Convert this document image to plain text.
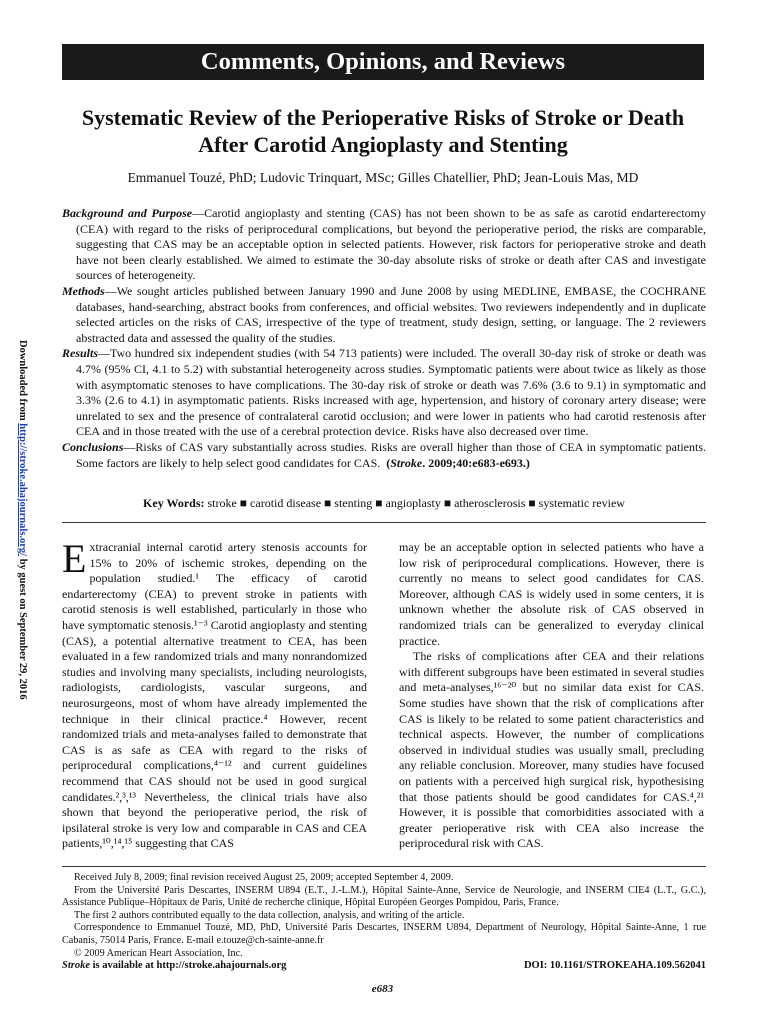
Comments, Opinions, and Reviews
Downloaded from http://stroke.ahajournals.org/ by guest on September 29, 2016
Systematic Review of the Perioperative Risks of Stroke or Death After Carotid Angioplasty and Stenting
Emmanuel Touzé, PhD; Ludovic Trinquart, MSc; Gilles Chatellier, PhD; Jean-Louis Mas, MD

Background and Purpose—Carotid angioplasty and stenting (CAS) has not been shown to be as safe as carotid endarterectomy (CEA) with regard to the risks of periprocedural complications, but beyond the perioperative period, the risks are comparable, suggesting that CAS may be an acceptable option in selected patients. However, risk factors for perioperative stroke and death have not been clearly established. We aimed to estimate the 30-day absolute risks of stroke or death after CAS and investigate sources of heterogeneity.

Methods—We sought articles published between January 1990 and June 2008 by using MEDLINE, EMBASE, the COCHRANE databases, hand-searching, abstract books from conferences, and official websites. Two reviewers independently and in duplicate selected articles on the risks of CAS, irrespective of the type of treatment, study design, setting, or language. The 2 reviewers abstracted data and assessed the quality of the studies.

Results—Two hundred six independent studies (with 54 713 patients) were included. The overall 30-day risk of stroke or death was 4.7% (95% CI, 4.1 to 5.2) with substantial heterogeneity across studies. Symptomatic patients were about twice as likely as those with asymptomatic stenoses to have complications. The 30-day risk of stroke or death was 7.6% (3.6 to 9.1) in symptomatic and 3.3% (2.6 to 4.1) in asymptomatic patients. Risks increased with age, hypertension, and history of coronary artery disease; were unrelated to sex and the presence of contralateral carotid occlusion; and were lower in patients who had carotid restenosis after CEA and in those treated with the use of a cerebral protection device. Risks have also decreased over time.

Conclusions—Risks of CAS vary substantially across studies. Risks are overall higher than those of CEA in symptomatic patients. Some factors are likely to help select good candidates for CAS. (Stroke. 2009;40:e683-e693.)

Key Words: stroke ■ carotid disease ■ stenting ■ angioplasty ■ atherosclerosis ■ systematic review

Extracranial internal carotid artery stenosis accounts for 15% to 20% of ischemic strokes, depending on the population studied.¹ The efficacy of carotid endarterectomy (CEA) to prevent stroke in patients with carotid stenosis is well established, particularly in those who have symptomatic stenosis.¹⁻³ Carotid angioplasty and stenting (CAS), a potential alternative treatment to CEA, has been evaluated in a few randomized trials and many nonrandomized studies and involving many specialists, including neurologists, radiologists, cardiologists, vascular surgeons, and neurosurgeons, most of whom have already implemented the technique in their clinical practice.⁴ However, recent randomized trials and meta-analyses failed to demonstrate that CAS is as safe as CEA with regard to the risks of periprocedural complications,⁴⁻¹² and current guidelines recommend that CAS should not be used in good surgical candidates.²,³,¹³ Nevertheless, the clinical trials have also shown that beyond the perioperative period, the risk of ipsilateral stroke is very low and comparable in CAS and CEA patients,¹⁰,¹⁴,¹⁵ suggesting that CAS

may be an acceptable option in selected patients who have a low risk of periprocedural complications. However, there is currently no means to select good candidates for CAS. Moreover, although CAS is widely used in some centers, it is unknown whether the absolute risk of CAS observed in randomized trials can be generalized to everyday clinical practice.

The risks of complications after CEA and their relations with different subgroups have been estimated in several studies and meta-analyses,¹⁶⁻²⁰ but no similar data exist for CAS. Some studies have shown that the risk of complications after CAS is likely to be related to some patient characteristics and technical aspects. However, the number of complications observed in individual studies was usually small, precluding any reliable conclusion. Moreover, many studies have focused on patients with a perceived high surgical risk, hypothesising that those patients should be good candidates for CAS.⁴,²¹ However, it is possible that comorbidities associated with a greater perioperative risk with CEA also increase the periprocedural risk with CAS.

Received July 8, 2009; final revision received August 25, 2009; accepted September 4, 2009.

From the Université Paris Descartes, INSERM U894 (E.T., J.-L.M.), Hôpital Sainte-Anne, Service de Neurologie, and INSERM CIE4 (L.T., G.C.), Assistance Publique–Hôpitaux de Paris, Unité de recherche clinique, Hôpital Européen Georges Pompidou, Paris, France.

The first 2 authors contributed equally to the data collection, analysis, and writing of the article.

Correspondence to Emmanuel Touzé, MD, PhD, Université Paris Descartes, INSERM U894, Department of Neurology, Hôpital Sainte-Anne, 1 rue Cabanis, 75014 Paris, France. E-mail e.touze@ch-sainte-anne.fr

© 2009 American Heart Association, Inc.

Stroke is available at http://stroke.ahajournals.org	DOI: 10.1161/STROKEAHA.109.562041
e683
